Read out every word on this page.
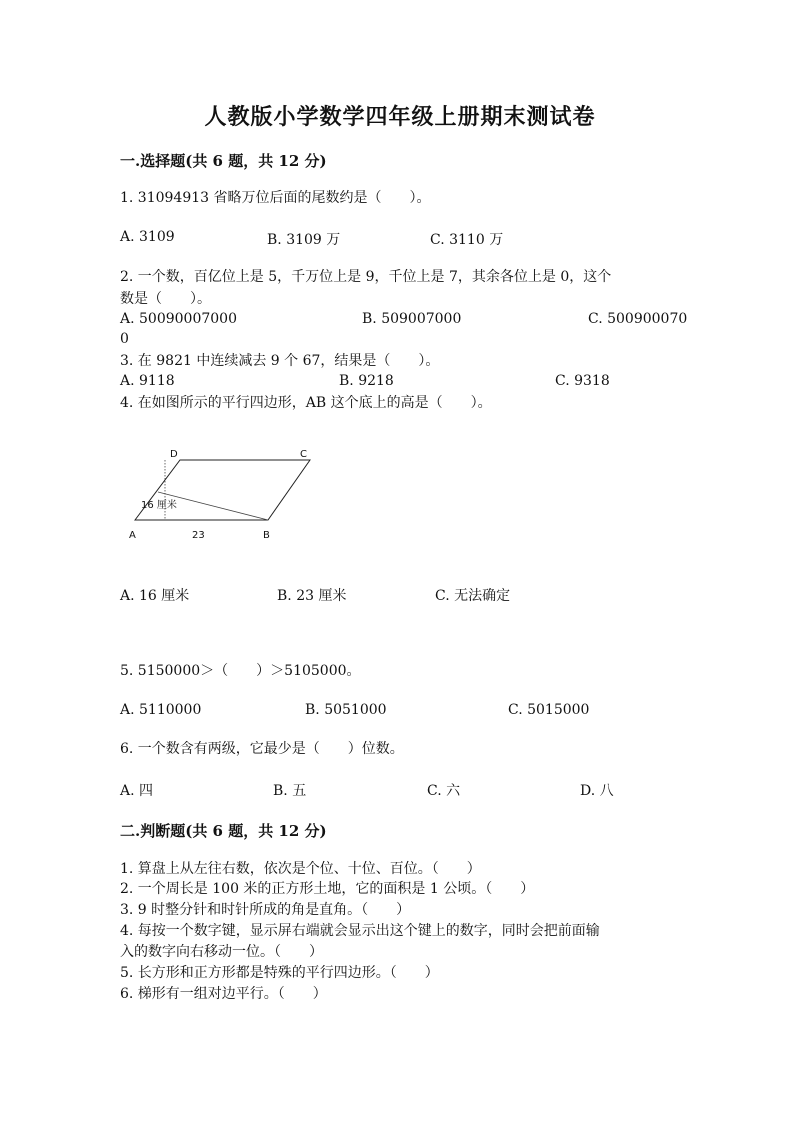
人教版小学数学四年级上册期末测试卷
一.选择题(共 6 题，共 12 分)
1. 31094913 省略万位后面的尾数约是（　　）。
A. 3109	B. 3109 万	C. 3110 万
2. 一个数，百亿位上是 5，千万位上是 9，千位上是 7，其余各位上是 0，这个
数是（　　）。
A. 50090007000	B. 509007000	C. 500900070
0
3. 在 9821 中连续减去 9 个 67，结果是（　　）。
A. 9118	B. 9218	C. 9318
4. 在如图所示的平行四边形，AB 这个底上的高是（　　）。
D	C
A	B
16 厘米
23
A. 16 厘米	B. 23 厘米	C. 无法确定
5. 5150000＞（　　）＞5105000。
A. 5110000	B. 5051000	C. 5015000
6. 一个数含有两级，它最少是（　　）位数。
A. 四	B. 五	C. 六	D. 八
二.判断题(共 6 题，共 12 分)
1. 算盘上从左往右数，依次是个位、十位、百位。（　　）
2. 一个周长是 100 米的正方形土地，它的面积是 1 公顷。（　　）
3. 9 时整分针和时针所成的角是直角。（　　）
4. 每按一个数字键，显示屏右端就会显示出这个键上的数字，同时会把前面输
入的数字向右移动一位。（　　）
5. 长方形和正方形都是特殊的平行四边形。（　　）
6. 梯形有一组对边平行。（　　）
